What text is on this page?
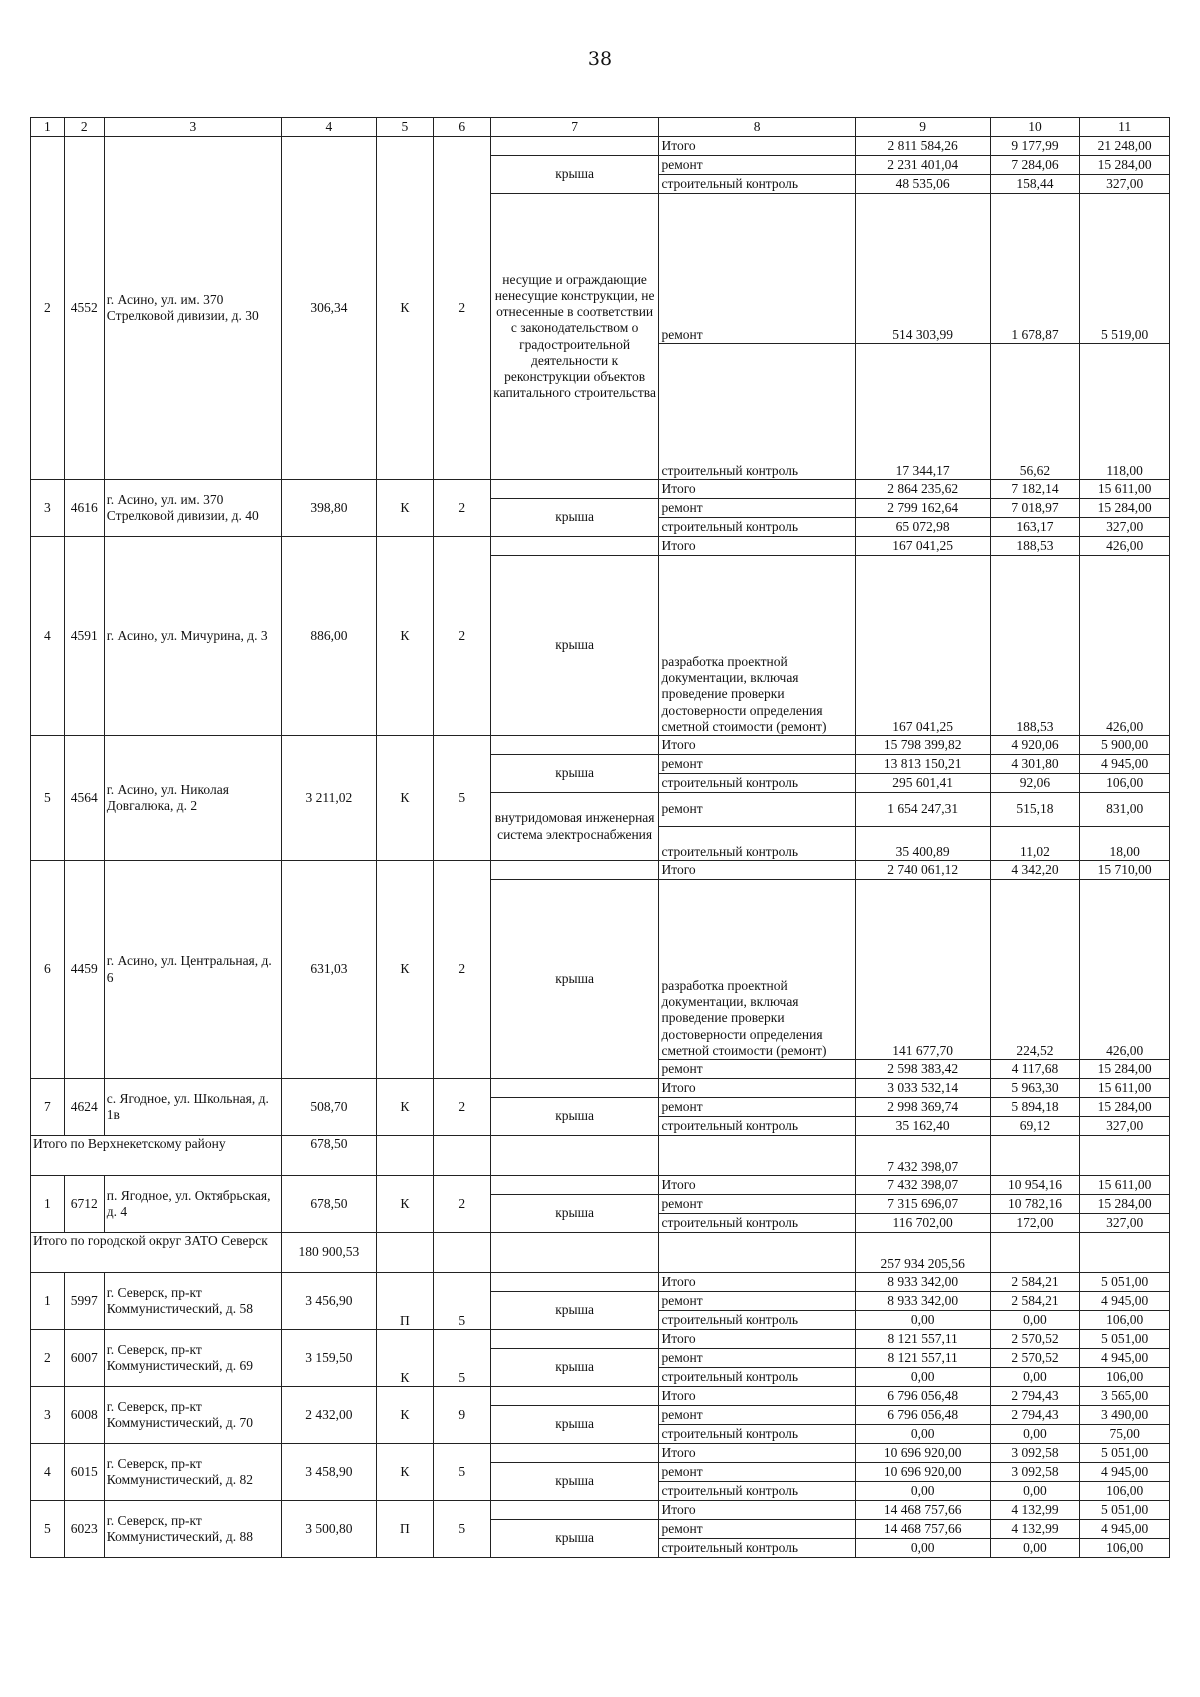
38
1	2	3	4	5	6	7	8	9	10	11
2	4552	г. Асино, ул. им. 370 Стрелковой дивизии, д. 30	306,34	К	2		Итого	2 811 584,26	9 177,99	21 248,00
						крыша	ремонт	2 231 401,04	7 284,06	15 284,00
							строительный контроль	48 535,06	158,44	327,00
						несущие и ограждающие ненесущие конструкции, не отнесенные в соответствии с законодательством о градостроительной деятельности к реконструкции объектов капитального строительства	ремонт	514 303,99	1 678,87	5 519,00
							строительный контроль	17 344,17	56,62	118,00
3	4616	г. Асино, ул. им. 370 Стрелковой дивизии, д. 40	398,80	К	2		Итого	2 864 235,62	7 182,14	15 611,00
						крыша	ремонт	2 799 162,64	7 018,97	15 284,00
							строительный контроль	65 072,98	163,17	327,00
4	4591	г. Асино, ул. Мичурина, д. 3	886,00	К	2		Итого	167 041,25	188,53	426,00
						крыша	разработка проектной документации, включая проведение проверки достоверности определения сметной стоимости (ремонт)	167 041,25	188,53	426,00
5	4564	г. Асино, ул. Николая Довгалюка, д. 2	3 211,02	К	5		Итого	15 798 399,82	4 920,06	5 900,00
						крыша	ремонт	13 813 150,21	4 301,80	4 945,00
							строительный контроль	295 601,41	92,06	106,00
						внутридомовая инженерная система электроснабжения	ремонт	1 654 247,31	515,18	831,00
							строительный контроль	35 400,89	11,02	18,00
6	4459	г. Асино, ул. Центральная, д. 6	631,03	К	2		Итого	2 740 061,12	4 342,20	15 710,00
						крыша	разработка проектной документации, включая проведение проверки достоверности определения сметной стоимости (ремонт)	141 677,70	224,52	426,00
							ремонт	2 598 383,42	4 117,68	15 284,00
7	4624	с. Ягодное, ул. Школьная, д. 1в	508,70	К	2		Итого	3 033 532,14	5 963,30	15 611,00
						крыша	ремонт	2 998 369,74	5 894,18	15 284,00
							строительный контроль	35 162,40	69,12	327,00
Итого по Верхнекетскому району			678,50					7 432 398,07		
1	6712	п. Ягодное, ул. Октябрьская, д. 4	678,50	К	2		Итого	7 432 398,07	10 954,16	15 611,00
						крыша	ремонт	7 315 696,07	10 782,16	15 284,00
							строительный контроль	116 702,00	172,00	327,00
Итого по городской округ ЗАТО Северск			180 900,53					257 934 205,56		
1	5997	г. Северск, пр-кт Коммунистический, д. 58	3 456,90	П	5		Итого	8 933 342,00	2 584,21	5 051,00
						крыша	ремонт	8 933 342,00	2 584,21	4 945,00
							строительный контроль	0,00	0,00	106,00
2	6007	г. Северск, пр-кт Коммунистический, д. 69	3 159,50	К	5		Итого	8 121 557,11	2 570,52	5 051,00
						крыша	ремонт	8 121 557,11	2 570,52	4 945,00
							строительный контроль	0,00	0,00	106,00
3	6008	г. Северск, пр-кт Коммунистический, д. 70	2 432,00	К	9		Итого	6 796 056,48	2 794,43	3 565,00
						крыша	ремонт	6 796 056,48	2 794,43	3 490,00
							строительный контроль	0,00	0,00	75,00
4	6015	г. Северск, пр-кт Коммунистический, д. 82	3 458,90	К	5		Итого	10 696 920,00	3 092,58	5 051,00
						крыша	ремонт	10 696 920,00	3 092,58	4 945,00
							строительный контроль	0,00	0,00	106,00
5	6023	г. Северск, пр-кт Коммунистический, д. 88	3 500,80	П	5		Итого	14 468 757,66	4 132,99	5 051,00
						крыша	ремонт	14 468 757,66	4 132,99	4 945,00
							строительный контроль	0,00	0,00	106,00
